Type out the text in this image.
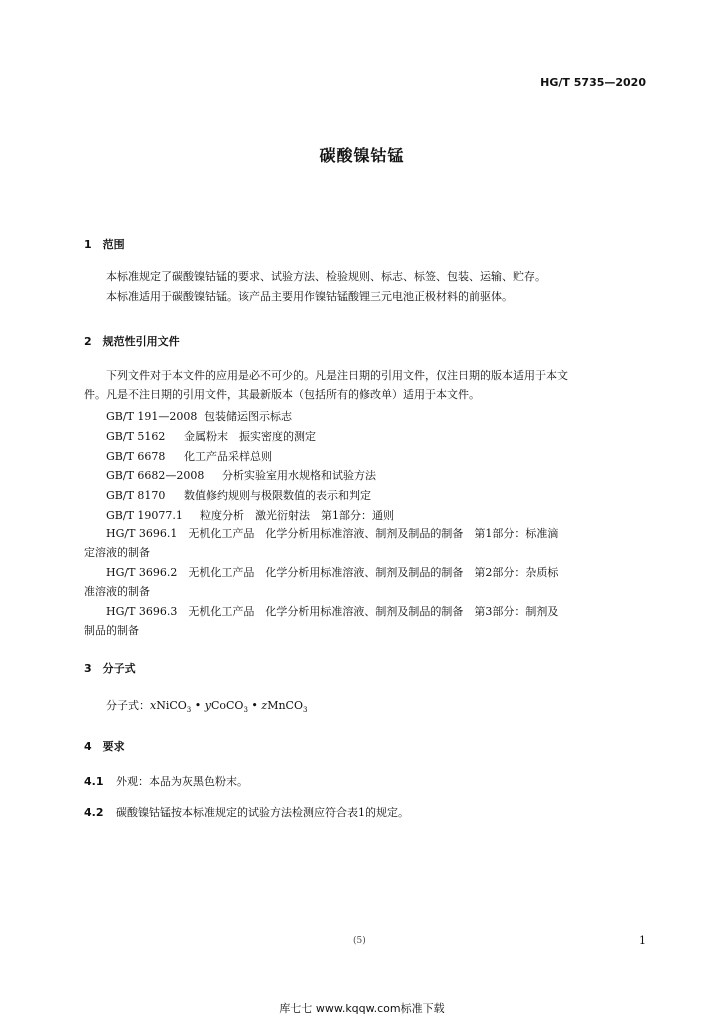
HG/T 5735—2020
碳酸镍钴锰
1　范围
本标准规定了碳酸镍钴锰的要求、试验方法、检验规则、标志、标签、包装、运输、贮存。
本标准适用于碳酸镍钴锰。该产品主要用作镍钴锰酸锂三元电池正极材料的前驱体。
2　规范性引用文件
下列文件对于本文件的应用是必不可少的。凡是注日期的引用文件，仅注日期的版本适用于本文
件。凡是不注日期的引用文件，其最新版本（包括所有的修改单）适用于本文件。
GB/T 191—2008 包装储运图示标志
GB/T 5162 金属粉末　振实密度的测定
GB/T 6678 化工产品采样总则
GB/T 6682—2008 分析实验室用水规格和试验方法
GB/T 8170 数值修约规则与极限数值的表示和判定
GB/T 19077.1 粒度分析　激光衍射法　第1部分：通则
HG/T 3696.1　无机化工产品　化学分析用标准溶液、制剂及制品的制备　第1部分：标准滴
定溶液的制备
HG/T 3696.2　无机化工产品　化学分析用标准溶液、制剂及制品的制备　第2部分：杂质标
准溶液的制备
HG/T 3696.3　无机化工产品　化学分析用标准溶液、制剂及制品的制备　第3部分：制剂及
制品的制备
3　分子式
分子式：xNiCO$_3$ • yCoCO$_3$ • zMnCO$_3$
4　要求
4.1 外观：本品为灰黑色粉末。
4.2 碳酸镍钴锰按本标准规定的试验方法检测应符合表1的规定。
(5)	1
库七七 www.kqqw.com标准下载
